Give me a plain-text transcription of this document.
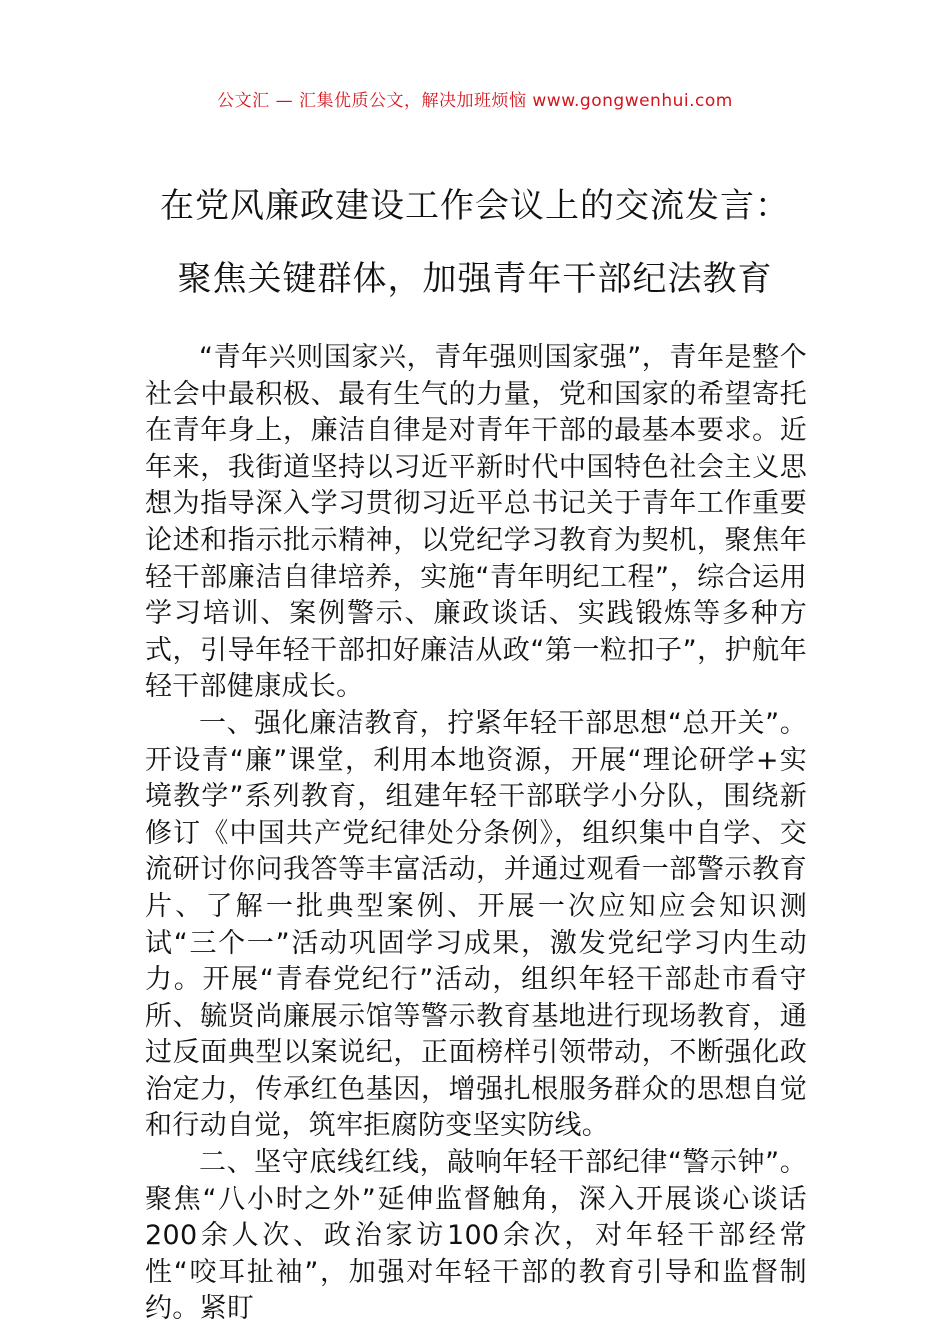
公文汇 — 汇集优质公文，解决加班烦恼 www.gongwenhui.com
在党风廉政建设工作会议上的交流发言：
聚焦关键群体，加强青年干部纪法教育

“青年兴则国家兴，青年强则国家强”，青年是整个社会中最积极、最有生气的力量，党和国家的希望寄托在青年身上，廉洁自律是对青年干部的最基本要求。近年来，我街道坚持以习近平新时代中国特色社会主义思想为指导深入学习贯彻习近平总书记关于青年工作重要论述和指示批示精神，以党纪学习教育为契机，聚焦年轻干部廉洁自律培养，实施“青年明纪工程”，综合运用学习培训、案例警示、廉政谈话、实践锻炼等多种方式，引导年轻干部扣好廉洁从政“第一粒扣子”，护航年轻干部健康成长。

一、强化廉洁教育，拧紧年轻干部思想“总开关”。开设青“廉”课堂，利用本地资源，开展“理论研学+实境教学”系列教育，组建年轻干部联学小分队，围绕新修订《中国共产党纪律处分条例》，组织集中自学、交流研讨你问我答等丰富活动，并通过观看一部警示教育片、了解一批典型案例、开展一次应知应会知识测试“三个一”活动巩固学习成果，激发党纪学习内生动力。开展“青春党纪行”活动，组织年轻干部赴市看守所、毓贤尚廉展示馆等警示教育基地进行现场教育，通过反面典型以案说纪，正面榜样引领带动，不断强化政治定力，传承红色基因，增强扎根服务群众的思想自觉和行动自觉，筑牢拒腐防变坚实防线。

二、坚守底线红线，敲响年轻干部纪律“警示钟”。聚焦“八小时之外”延伸监督触角，深入开展谈心谈话200余人次、政治家访100余次，对年轻干部经常性“咬耳扯袖”，加强对年轻干部的教育引导和监督制约。紧盯
